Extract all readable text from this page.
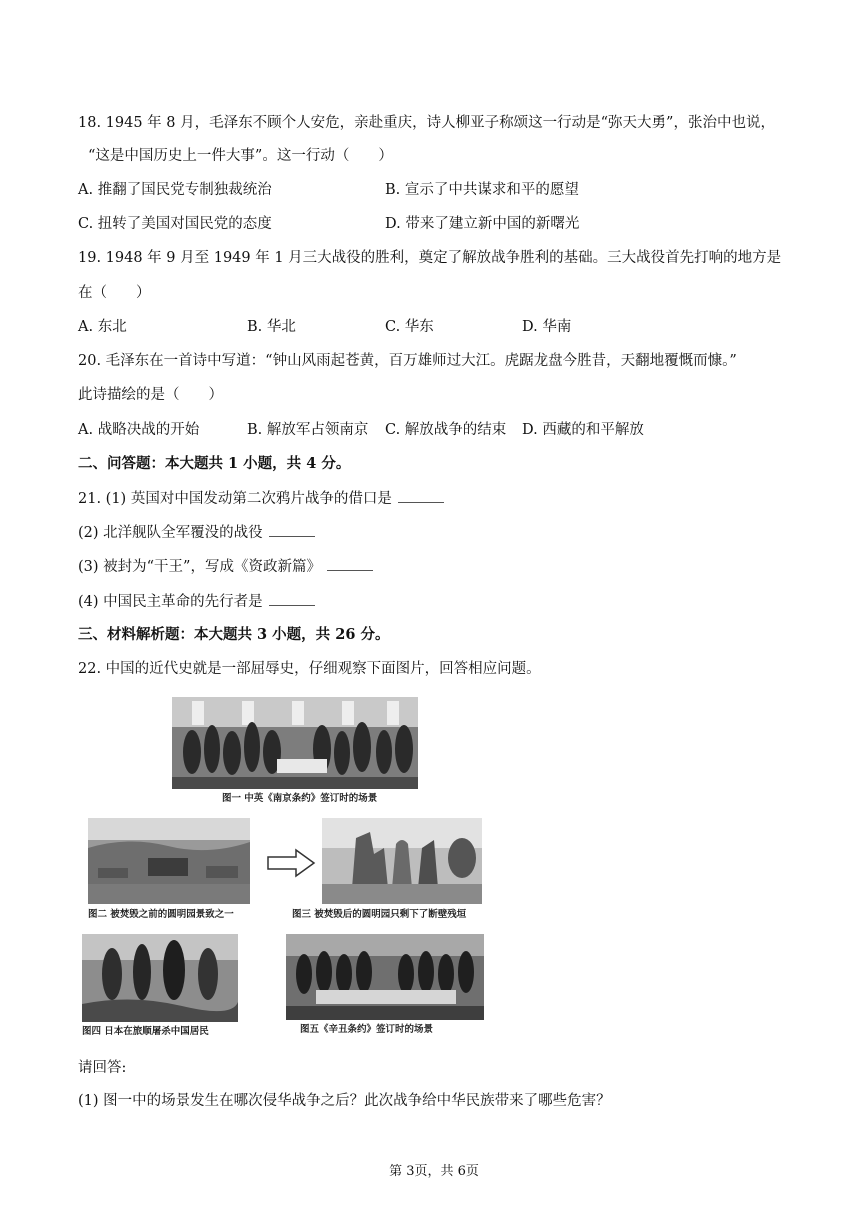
18. 1945 年 8 月，毛泽东不顾个人安危，亲赴重庆，诗人柳亚子称颂这一行动是“弥天大勇”，张治中也说，
“这是中国历史上一件大事”。这一行动（　　）
A. 推翻了国民党专制独裁统治	B. 宣示了中共谋求和平的愿望
C. 扭转了美国对国民党的态度	D. 带来了建立新中国的新曙光
19. 1948 年 9 月至 1949 年 1 月三大战役的胜利，奠定了解放战争胜利的基础。三大战役首先打响的地方是
在（　　）
A. 东北	B. 华北	C. 华东	D. 华南
20. 毛泽东在一首诗中写道：“钟山风雨起苍黄，百万雄师过大江。虎踞龙盘今胜昔，天翻地覆慨而慷。”
此诗描绘的是（　　）
A. 战略决战的开始	B. 解放军占领南京 C. 解放战争的结束 D. 西藏的和平解放
二、问答题：本大题共 1 小题，共 4 分。
21. (1) 英国对中国发动第二次鸦片战争的借口是
(2) 北洋舰队全军覆没的战役
(3) 被封为“干王”，写成《资政新篇》
(4) 中国民主革命的先行者是
三、材料解析题：本大题共 3 小题，共 26 分。
22. 中国的近代史就是一部屈辱史，仔细观察下面图片，回答相应问题。
图一 中英《南京条约》签订时的场景
图二 被焚毁之前的圆明园景致之一	图三 被焚毁后的圆明园只剩下了断壁残垣
图四 日本在旅顺屠杀中国居民	图五《辛丑条约》签订时的场景
请回答:
(1) 图一中的场景发生在哪次侵华战争之后？此次战争给中华民族带来了哪些危害？
第 3页，共 6页
